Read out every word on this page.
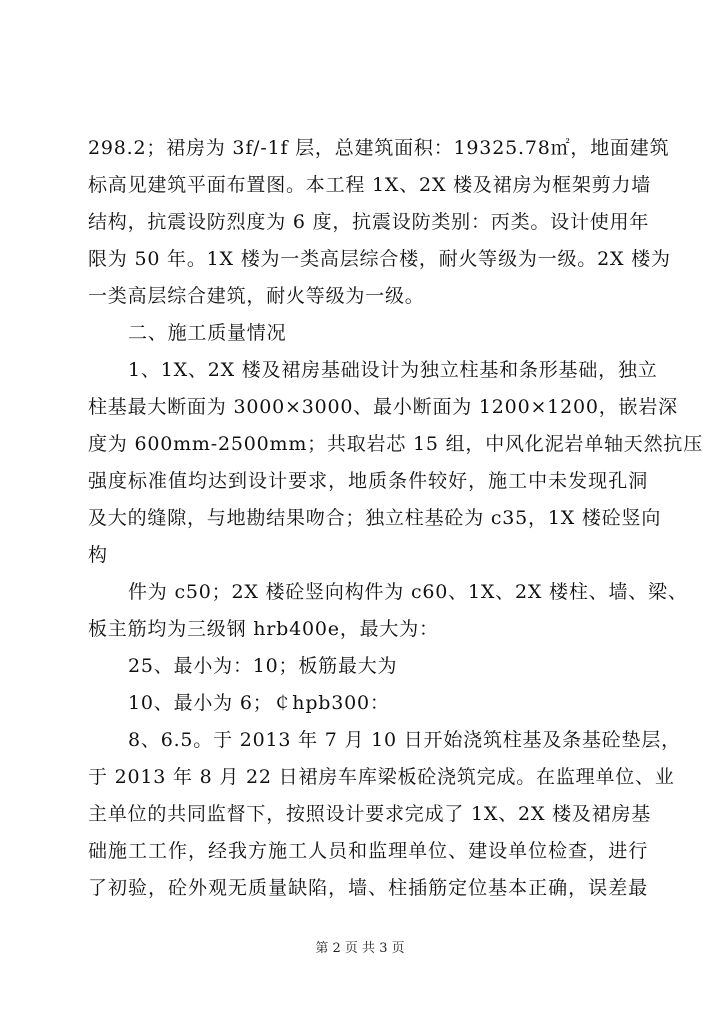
298.2；裙房为 3f/-1f 层，总建筑面积：19325.78㎡，地面建筑
标高见建筑平面布置图。本工程 1X、2X 楼及裙房为框架剪力墙
结构，抗震设防烈度为 6 度，抗震设防类别：丙类。设计使用年
限为 50 年。1X 楼为一类高层综合楼，耐火等级为一级。2X 楼为
一类高层综合建筑，耐火等级为一级。
二、施工质量情况
1、1X、2X 楼及裙房基础设计为独立柱基和条形基础，独立
柱基最大断面为 3000×3000、最小断面为 1200×1200，嵌岩深
度为 600mm-2500mm；共取岩芯 15 组，中风化泥岩单轴天然抗压
强度标准值均达到设计要求，地质条件较好，施工中未发现孔洞
及大的缝隙，与地勘结果吻合；独立柱基砼为 c35，1X 楼砼竖向
构
件为 c50；2X 楼砼竖向构件为 c60、1X、2X 楼柱、墙、梁、
板主筋均为三级钢 hrb400e，最大为：
25、最小为：10；板筋最大为
10、最小为 6；￠hpb300：
8、6.5。于 2013 年 7 月 10 日开始浇筑柱基及条基砼垫层，
于 2013 年 8 月 22 日裙房车库梁板砼浇筑完成。在监理单位、业
主单位的共同监督下，按照设计要求完成了 1X、2X 楼及裙房基
础施工工作，经我方施工人员和监理单位、建设单位检查，进行
了初验，砼外观无质量缺陷，墙、柱插筋定位基本正确，误差最
第 2 页 共 3 页
